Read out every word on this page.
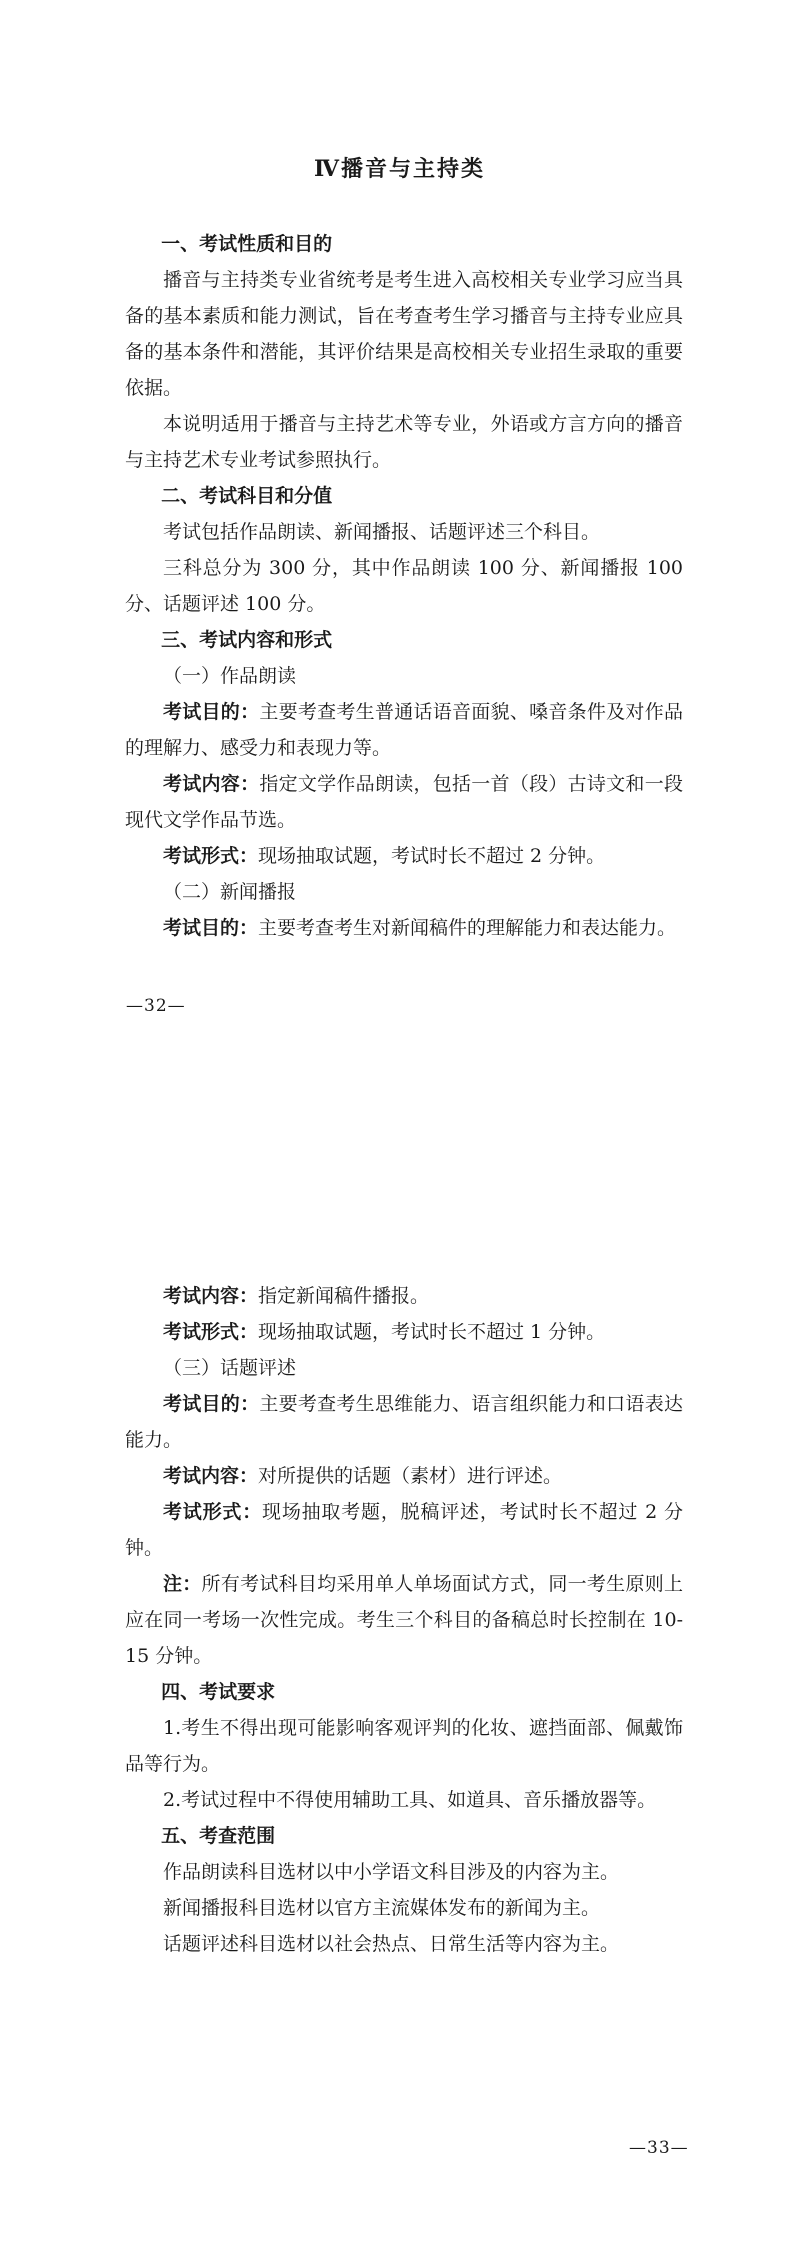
Ⅳ播音与主持类

一、考试性质和目的

播音与主持类专业省统考是考生进入高校相关专业学习应当具备的基本素质和能力测试，旨在考查考生学习播音与主持专业应具备的基本条件和潜能，其评价结果是高校相关专业招生录取的重要依据。

本说明适用于播音与主持艺术等专业，外语或方言方向的播音与主持艺术专业考试参照执行。

二、考试科目和分值

考试包括作品朗读、新闻播报、话题评述三个科目。

三科总分为 300 分，其中作品朗读 100 分、新闻播报 100 分、话题评述 100 分。

三、考试内容和形式

（一）作品朗读

考试目的：主要考查考生普通话语音面貌、嗓音条件及对作品的理解力、感受力和表现力等。

考试内容：指定文学作品朗读，包括一首（段）古诗文和一段现代文学作品节选。

考试形式：现场抽取试题，考试时长不超过 2 分钟。

（二）新闻播报

考试目的：主要考查考生对新闻稿件的理解能力和表达能力。

—32—

考试内容：指定新闻稿件播报。

考试形式：现场抽取试题，考试时长不超过 1 分钟。

（三）话题评述

考试目的：主要考查考生思维能力、语言组织能力和口语表达能力。

考试内容：对所提供的话题（素材）进行评述。

考试形式：现场抽取考题，脱稿评述，考试时长不超过 2 分钟。

注：所有考试科目均采用单人单场面试方式，同一考生原则上应在同一考场一次性完成。考生三个科目的备稿总时长控制在 10-15 分钟。

四、考试要求

1.考生不得出现可能影响客观评判的化妆、遮挡面部、佩戴饰品等行为。

2.考试过程中不得使用辅助工具、如道具、音乐播放器等。

五、考查范围

作品朗读科目选材以中小学语文科目涉及的内容为主。

新闻播报科目选材以官方主流媒体发布的新闻为主。

话题评述科目选材以社会热点、日常生活等内容为主。

—33—
